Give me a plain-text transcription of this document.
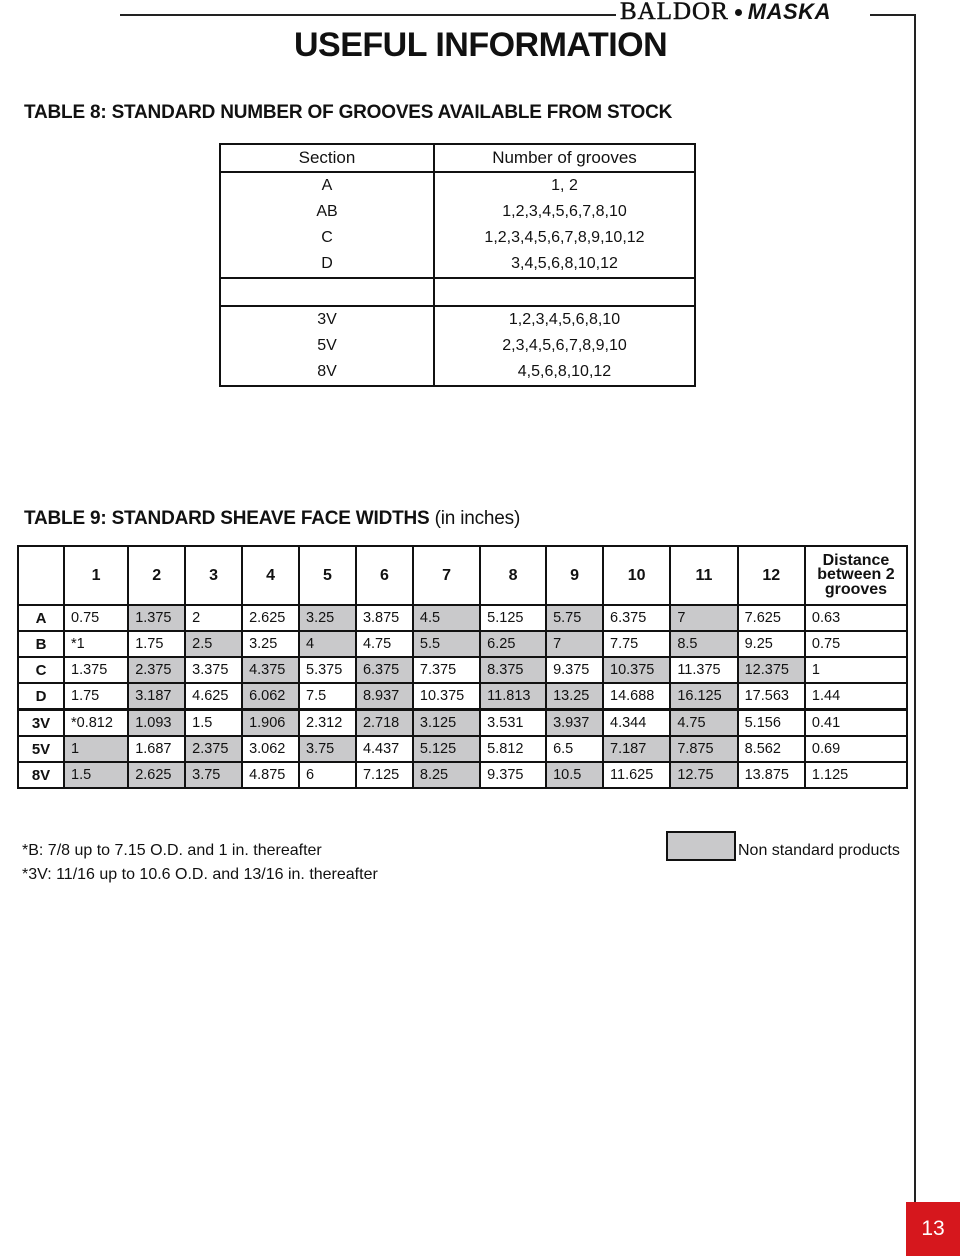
BALDOR MASKA
USEFUL INFORMATION
TABLE 8: STANDARD NUMBER OF GROOVES AVAILABLE FROM STOCK
Section	Number of grooves
A	1, 2
AB	1,2,3,4,5,6,7,8,10
C	1,2,3,4,5,6,7,8,9,10,12
D	3,4,5,6,8,10,12

3V	1,2,3,4,5,6,8,10
5V	2,3,4,5,6,7,8,9,10
8V	4,5,6,8,10,12
TABLE 9: STANDARD SHEAVE FACE WIDTHS (in inches)
	1	2	3	4	5	6	7	8	9	10	11	12	Distance
between 2
grooves

A	0.75	1.375	2	2.625	3.25	3.875	4.5	5.125	5.75	6.375	7	7.625	0.63
B	*1	1.75	2.5	3.25	4	4.75	5.5	6.25	7	7.75	8.5	9.25	0.75
C	1.375	2.375	3.375	4.375	5.375	6.375	7.375	8.375	9.375	10.375	11.375	12.375	1
D	1.75	3.187	4.625	6.062	7.5	8.937	10.375	11.813	13.25	14.688	16.125	17.563	1.44
3V	*0.812	1.093	1.5	1.906	2.312	2.718	3.125	3.531	3.937	4.344	4.75	5.156	0.41
5V	1	1.687	2.375	3.062	3.75	4.437	5.125	5.812	6.5	7.187	7.875	8.562	0.69
8V	1.5	2.625	3.75	4.875	6	7.125	8.25	9.375	10.5	11.625	12.75	13.875	1.125
*B: 7/8 up to 7.15 O.D. and 1 in. thereafter
*3V: 11/16 up to 10.6 O.D. and 13/16 in. thereafter
Non standard products
13
